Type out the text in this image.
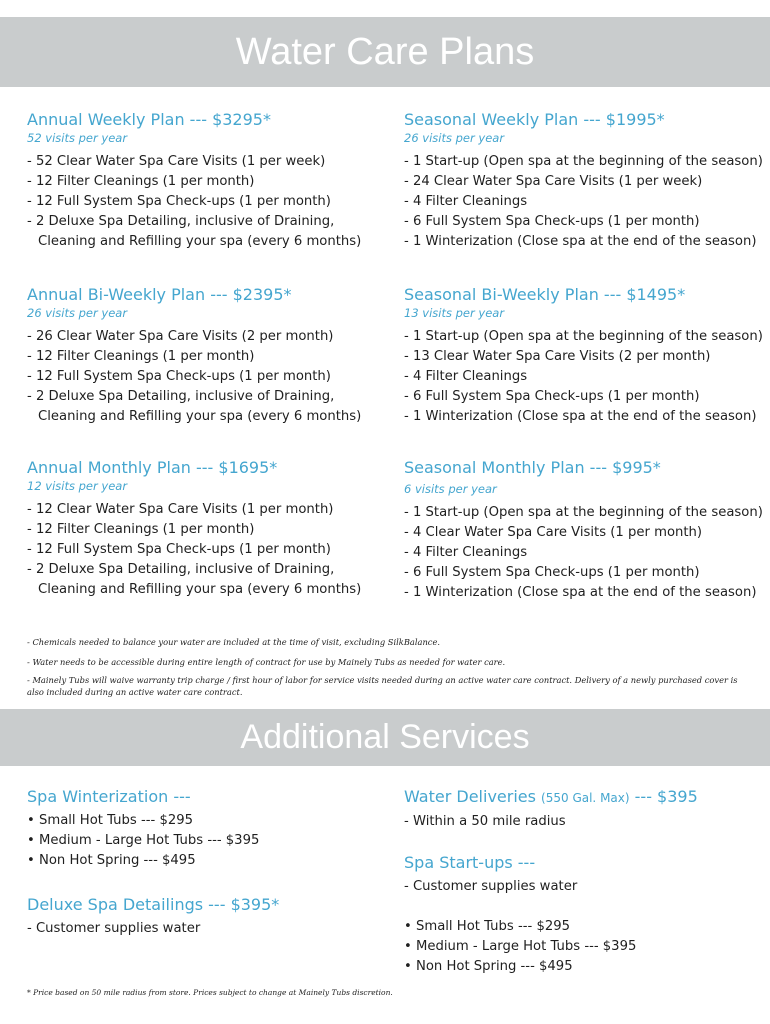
Water Care Plans
Annual Weekly Plan --- $3295*
52 visits per year
- 52 Clear Water Spa Care Visits (1 per week)
- 12 Filter Cleanings (1 per month)
- 12 Full System Spa Check-ups (1 per month)
- 2 Deluxe Spa Detailing, inclusive of Draining,
Cleaning and Refilling your spa (every 6 months)
Seasonal Weekly Plan --- $1995*
26 visits per year
- 1 Start-up (Open spa at the beginning of the season)
- 24 Clear Water Spa Care Visits (1 per week)
- 4 Filter Cleanings
- 6 Full System Spa Check-ups (1 per month)
- 1 Winterization (Close spa at the end of the season)
Annual Bi-Weekly Plan --- $2395*
26 visits per year
- 26 Clear Water Spa Care Visits (2 per month)
- 12 Filter Cleanings (1 per month)
- 12 Full System Spa Check-ups (1 per month)
- 2 Deluxe Spa Detailing, inclusive of Draining,
Cleaning and Refilling your spa (every 6 months)
Seasonal Bi-Weekly Plan --- $1495*
13 visits per year
- 1 Start-up (Open spa at the beginning of the season)
- 13 Clear Water Spa Care Visits (2 per month)
- 4 Filter Cleanings
- 6 Full System Spa Check-ups (1 per month)
- 1 Winterization (Close spa at the end of the season)
Annual Monthly Plan --- $1695*
12 visits per year
- 12 Clear Water Spa Care Visits (1 per month)
- 12 Filter Cleanings (1 per month)
- 12 Full System Spa Check-ups (1 per month)
- 2 Deluxe Spa Detailing, inclusive of Draining,
Cleaning and Refilling your spa (every 6 months)
Seasonal Monthly Plan --- $995*
6 visits per year
- 1 Start-up (Open spa at the beginning of the season)
- 4 Clear Water Spa Care Visits (1 per month)
- 4 Filter Cleanings
- 6 Full System Spa Check-ups (1 per month)
- 1 Winterization (Close spa at the end of the season)
- Chemicals needed to balance your water are included at the time of visit, excluding SilkBalance.
- Water needs to be accessible during entire length of contract for use by Mainely Tubs as needed for water care.
- Mainely Tubs will waive warranty trip charge / first hour of labor for service visits needed during an active water care contract. Delivery of a newly purchased cover is also included during an active water care contract.
Additional Services
Spa Winterization ---
• Small Hot Tubs --- $295
• Medium - Large Hot Tubs --- $395
• Non Hot Spring --- $495
Deluxe Spa Detailings --- $395*
- Customer supplies water
Water Deliveries (550 Gal. Max) --- $395
- Within a 50 mile radius
Spa Start-ups ---
- Customer supplies water
• Small Hot Tubs --- $295
• Medium - Large Hot Tubs --- $395
• Non Hot Spring --- $495
* Price based on 50 mile radius from store. Prices subject to change at Mainely Tubs discretion.
